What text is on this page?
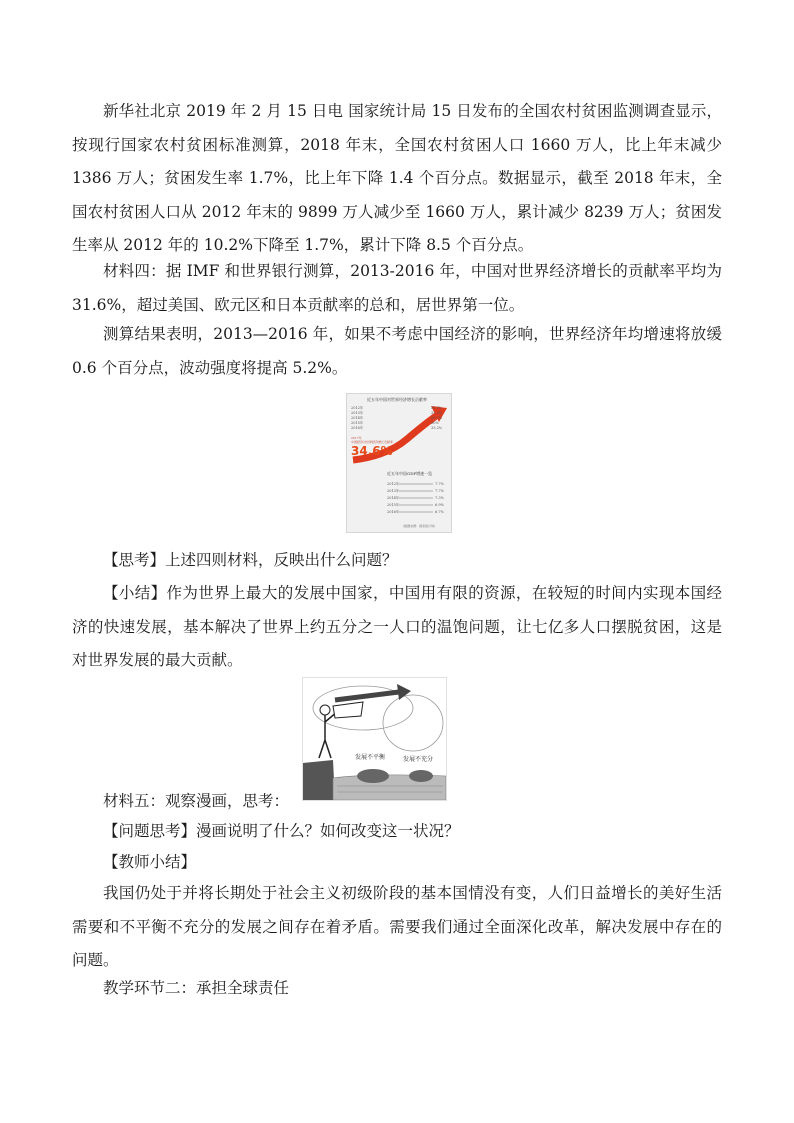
新华社北京 2019 年 2 月 15 日电 国家统计局 15 日发布的全国农村贫困监测调查显示，按现行国家农村贫困标准测算，2018 年末，全国农村贫困人口 1660 万人，比上年末减少 1386 万人；贫困发生率 1.7%，比上年下降 1.4 个百分点。数据显示，截至 2018 年末，全国农村贫困人口从 2012 年末的 9899 万人减少至 1660 万人，累计减少 8239 万人；贫困发生率从 2012 年的 10.2%下降至 1.7%，累计下降 8.5 个百分点。

材料四：据 IMF 和世界银行测算，2013-2016 年，中国对世界经济增长的贡献率平均为 31.6%，超过美国、欧元区和日本贡献率的总和，居世界第一位。

测算结果表明，2013—2016 年，如果不考虑中国经济的影响，世界经济年均增速将放缓 0.6 个百分点，波动强度将提高 5.2%。

近五年中国对世界经济增长贡献率
2017年
中国经济对世界经济增长贡献率
34.6%
近五年中国GDP增速一览
(数据来源：国家统计局)
2012年	31.7%
2013年	32.5%
2014年	29.7%
2015年	30%
2016年	33.2%
2012年	7.7%
2013年	7.7%
2014年	7.3%
2015年	6.9%
2016年	6.7%

【思考】上述四则材料，反映出什么问题？

【小结】作为世界上最大的发展中国家，中国用有限的资源，在较短的时间内实现本国经济的快速发展，基本解决了世界上约五分之一人口的温饱问题，让七亿多人口摆脱贫困，这是对世界发展的最大贡献。

发展不平衡	发展不充分

材料五：观察漫画，思考：

【问题思考】漫画说明了什么？如何改变这一状况？

【教师小结】

我国仍处于并将长期处于社会主义初级阶段的基本国情没有变，人们日益增长的美好生活需要和不平衡不充分的发展之间存在着矛盾。需要我们通过全面深化改革，解决发展中存在的问题。

教学环节二：承担全球责任
